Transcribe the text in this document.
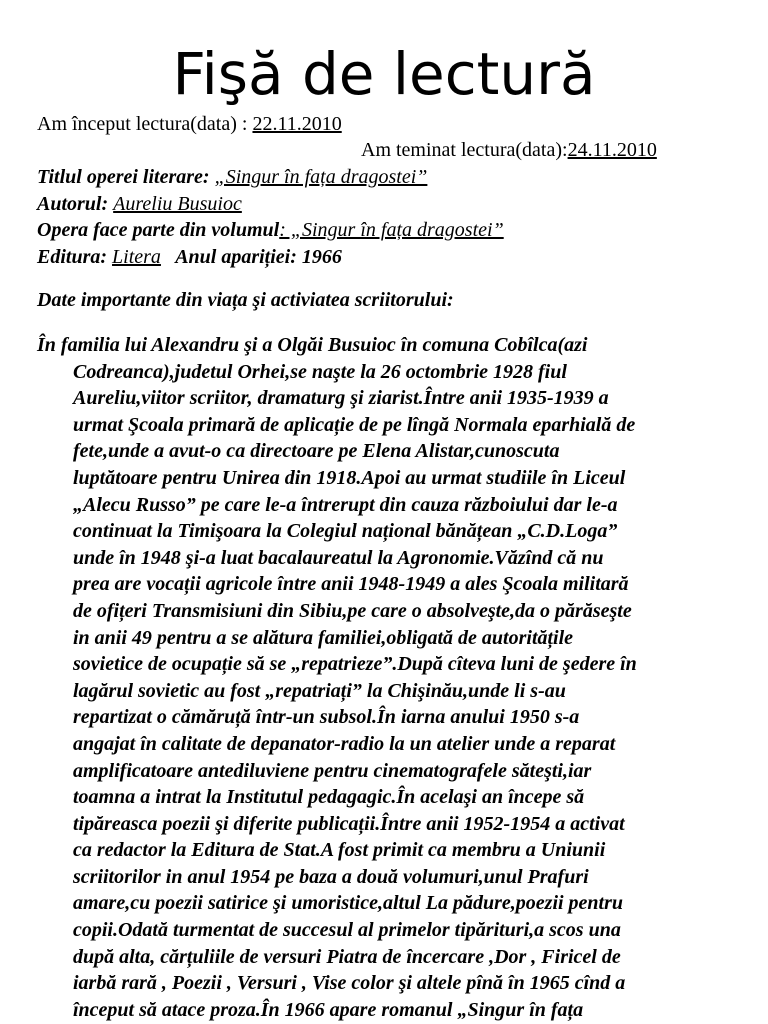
Fişă de lectură
Am început lectura(data) : 22.11.2010
Am teminat lectura(data):24.11.2010
Titlul operei literare: „Singur în fața dragostei”
Autorul: Aureliu Busuioc
Opera face parte din volumul: „Singur în fața dragostei”
Editura: Litera   Anul apariției: 1966
Date importante din viața şi activiatea scriitorului:
În familia lui Alexandru şi a Olgăi Busuioc în comuna Cobîlca(azi
Codreanca),judetul Orhei,se naşte la 26 octombrie 1928 fiul
Aureliu,viitor scriitor, dramaturg şi ziarist.Între anii 1935-1939 a
urmat Şcoala primară de aplicație de pe lîngă Normala eparhială de
fete,unde a avut-o ca directoare pe Elena Alistar,cunoscuta
luptătoare pentru Unirea din 1918.Apoi au urmat studiile în Liceul
„Alecu Russo” pe care le-a întrerupt din cauza războiului dar le-a
continuat la Timişoara la Colegiul național bănățean „C.D.Loga”
unde în 1948 şi-a luat bacalaureatul la Agronomie.Văzînd că nu
prea are vocații agricole între anii 1948-1949 a ales Şcoala militară
de ofițeri Transmisiuni din Sibiu,pe care o absolveşte,da o părăseşte
in anii 49 pentru a se alătura familiei,obligată de autoritățile
sovietice de ocupație să se „repatrieze”.După cîteva luni de şedere în
lagărul sovietic au fost „repatriați” la Chişinău,unde li s-au
repartizat o cămăruță într-un subsol.În iarna anului 1950 s-a
angajat în calitate de depanator-radio la un atelier unde a reparat
amplificatoare antediluviene pentru cinematografele săteşti,iar
toamna a intrat la Institutul pedagagic.În acelaşi an începe să
tipăreasca poezii şi diferite publicații.Între anii 1952-1954 a activat
ca redactor la Editura de Stat.A fost primit ca membru a Uniunii
scriitorilor in anul 1954 pe baza a două volumuri,unul Prafuri
amare,cu poezii satirice şi umoristice,altul La pădure,poezii pentru
copii.Odată turmentat de succesul al primelor tipărituri,a scos una
după alta, cărțuliile de versuri Piatra de încercare ,Dor , Firicel de
iarbă rară , Poezii , Versuri , Vise color şi altele pînă în 1965 cînd a
început să atace proza.În 1966 apare romanul „Singur în fața
